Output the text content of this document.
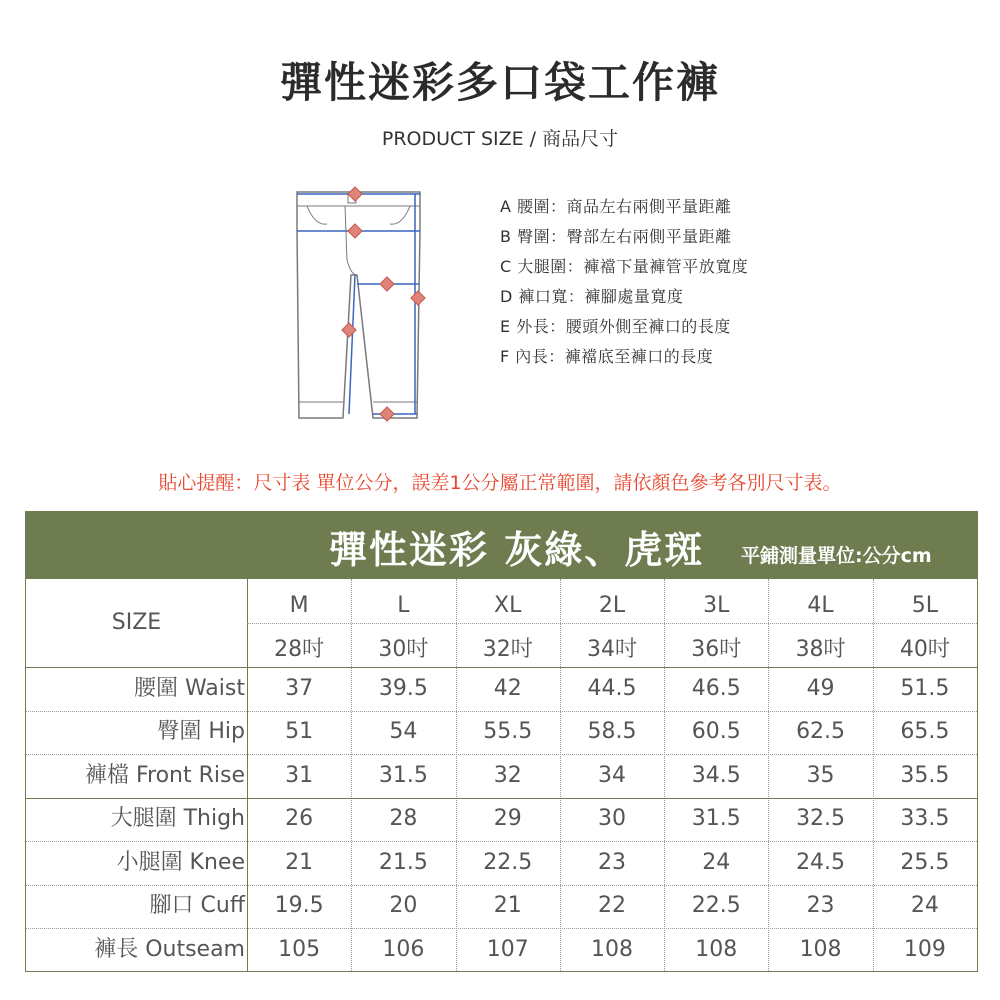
彈性迷彩多口袋工作褲
PRODUCT SIZE / 商品尺寸
A 腰圍：商品左右兩側平量距離
B 臀圍：臀部左右兩側平量距離
C 大腿圍：褲襠下量褲管平放寬度
D 褲口寬：褲腳處量寬度
E 外長：腰頭外側至褲口的長度
F 內長：褲襠底至褲口的長度
貼心提醒：尺寸表 單位公分，誤差1公分屬正常範圍，請依顏色參考各別尺寸表。
彈性迷彩 灰綠、虎斑 平鋪測量單位:公分cm
SIZE
M	L	XL	2L	3L	4L	5L
28吋	30吋	32吋	34吋	36吋	38吋	40吋
腰圍 Waist	37	39.5	42	44.5	46.5	49	51.5
臀圍 Hip	51	54	55.5	58.5	60.5	62.5	65.5
褲檔 Front Rise	31	31.5	32	34	34.5	35	35.5
大腿圍 Thigh	26	28	29	30	31.5	32.5	33.5
小腿圍 Knee	21	21.5	22.5	23	24	24.5	25.5
腳口 Cuff	19.5	20	21	22	22.5	23	24
褲長 Outseam	105	106	107	108	108	108	109
